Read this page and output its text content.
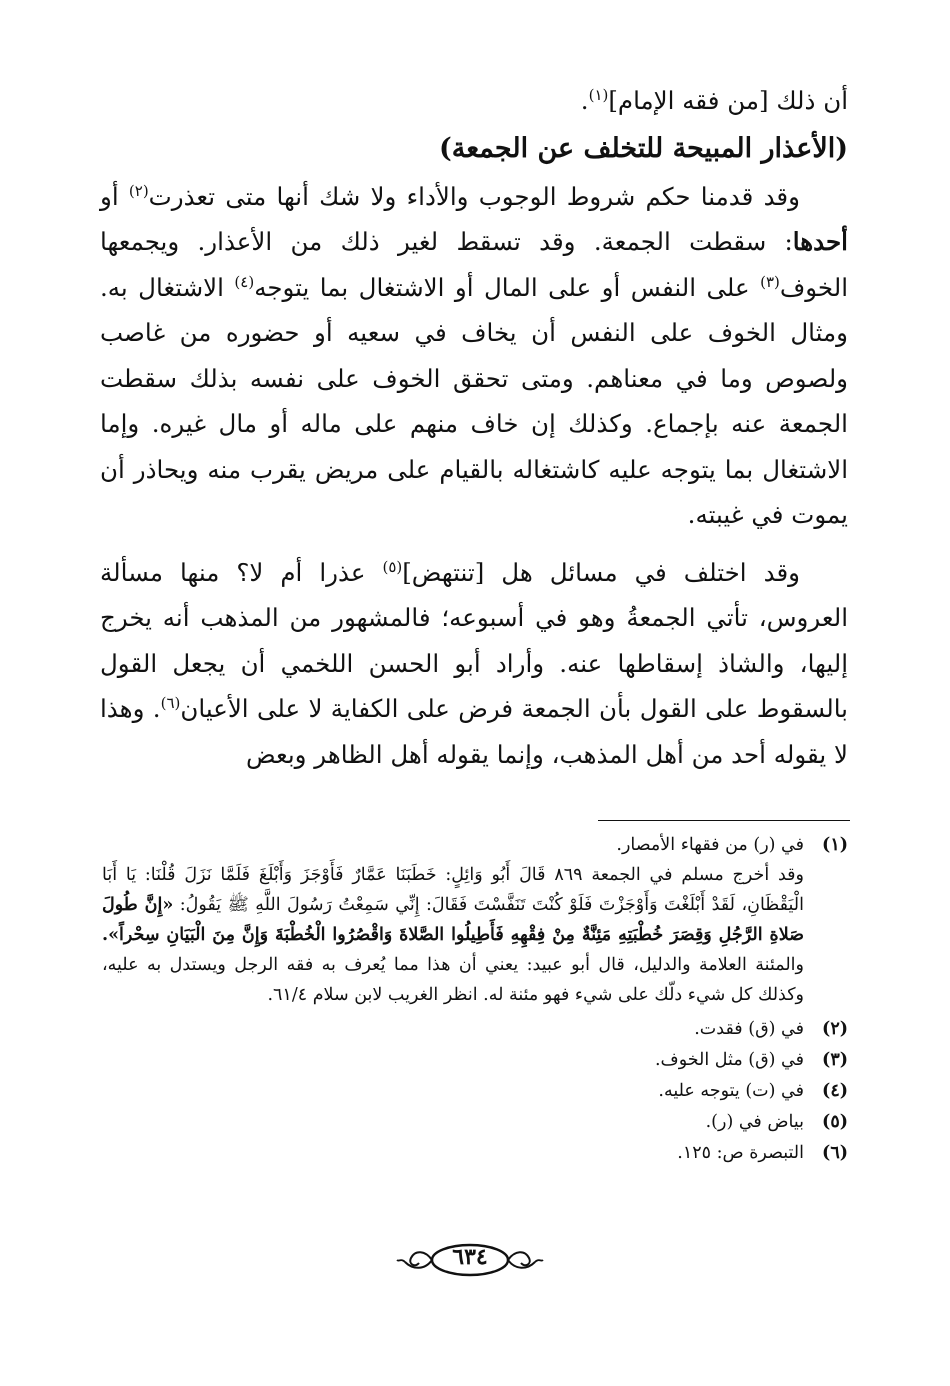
أن ذلك [من فقه الإمام]$^{(١)}$.

(الأعذار المبيحة للتخلف عن الجمعة)

وقد قدمنا حكم شروط الوجوب والأداء ولا شك أنها متى تعذرت$^{(٢)}$ أو أحدها: سقطت الجمعة. وقد تسقط لغير ذلك من الأعذار. ويجمعها الخوف$^{(٣)}$ على النفس أو على المال أو الاشتغال بما يتوجه$^{(٤)}$ الاشتغال به. ومثال الخوف على النفس أن يخاف في سعيه أو حضوره من غاصب ولصوص وما في معناهم. ومتى تحقق الخوف على نفسه بذلك سقطت الجمعة عنه بإجماع. وكذلك إن خاف منهم على ماله أو مال غيره. وإما الاشتغال بما يتوجه عليه كاشتغاله بالقيام على مريض يقرب منه ويحاذر أن يموت في غيبته.

وقد اختلف في مسائل هل [تنتهض]$^{(٥)}$ عذرا أم لا؟ منها مسألة العروس، تأتي الجمعةُ وهو في أسبوعه؛ فالمشهور من المذهب أنه يخرج إليها، والشاذ إسقاطها عنه. وأراد أبو الحسن اللخمي أن يجعل القول بالسقوط على القول بأن الجمعة فرض على الكفاية لا على الأعيان$^{(٦)}$. وهذا لا يقوله أحد من أهل المذهب، وإنما يقوله أهل الظاهر وبعض

(١)

في (ر) من فقهاء الأمصار.

وقد أخرج مسلم في الجمعة ٨٦٩ قَالَ أَبُو وَائِلٍ: خَطَبَنَا عَمَّارٌ فَأَوْجَزَ وَأَبْلَغَ فَلَمَّا نَزَلَ قُلْنَا: يَا أَبَا الْيَقْظَانِ، لَقَدْ أَبْلَغْتَ وَأَوْجَزْتَ فَلَوْ كُنْتَ تَنَفَّسْتَ فَقَالَ: إِنِّي سَمِعْتُ رَسُولَ اللَّهِ ﷺ يَقُولُ: «إِنَّ طُولَ صَلاةِ الرَّجُلِ وَقِصَرَ خُطْبَتِهِ مَئِنَّةٌ مِنْ فِقْهِهِ فَأَطِيلُوا الصَّلاةَ وَاقْصُرُوا الْخُطْبَةَ وَإِنَّ مِنَ الْبَيَانِ سِحْراً». والمئنة العلامة والدليل، قال أبو عبيد: يعني أن هذا مما يُعرف به فقه الرجل ويستدل به عليه، وكذلك كل شيء دلّك على شيء فهو مئنة له. انظر الغريب لابن سلام ٦١/٤.

(٢)
في (ق) فقدت.
(٣)
في (ق) مثل الخوف.
(٤)
في (ت) يتوجه عليه.
(٥)
بياض في (ر).
(٦)
التبصرة ص: ١٢٥.
٦٣٤
